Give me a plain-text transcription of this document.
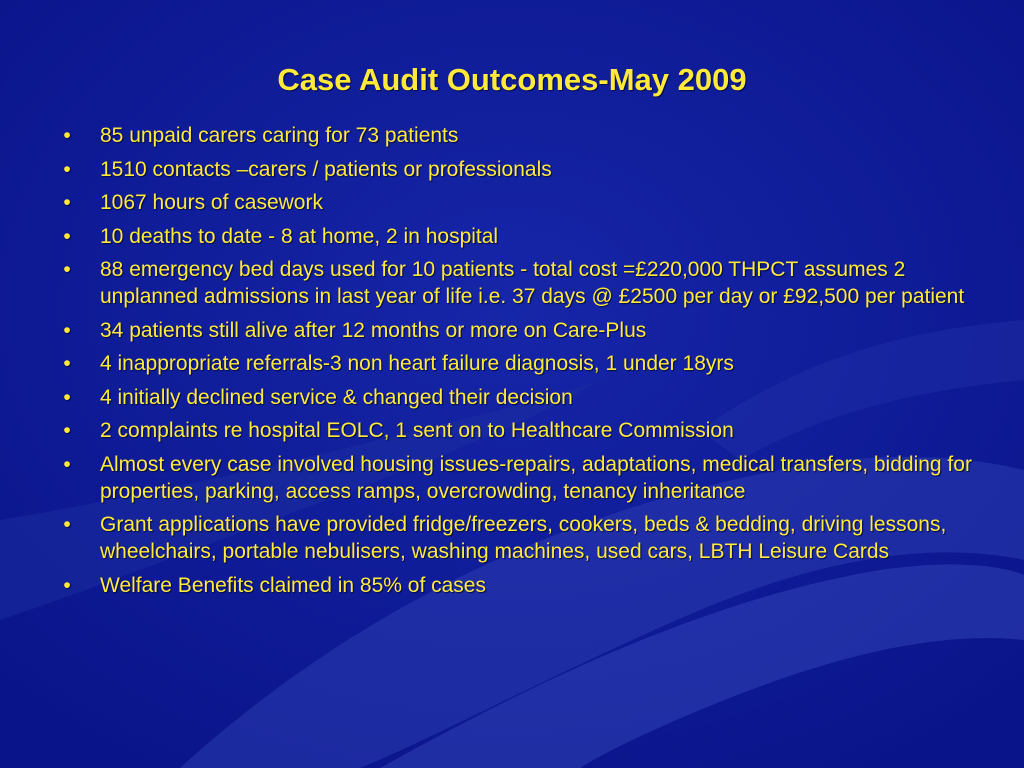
Case Audit Outcomes-May 2009
• 85 unpaid carers caring for 73 patients
• 1510 contacts –carers / patients or professionals
• 1067 hours of casework
• 10 deaths to date - 8 at home, 2 in hospital
• 88 emergency bed days used for 10 patients - total cost =£220,000 THPCT assumes 2 unplanned admissions in last year of life i.e. 37 days @ £2500 per day or £92,500 per patient
• 34 patients still alive after 12 months or more on Care-Plus
• 4 inappropriate referrals-3 non heart failure diagnosis, 1 under 18yrs
• 4 initially declined service & changed their decision
• 2 complaints re hospital EOLC, 1 sent on to Healthcare Commission
• Almost every case involved housing issues-repairs, adaptations, medical transfers, bidding for properties, parking, access ramps, overcrowding, tenancy inheritance
• Grant applications have provided fridge/freezers, cookers, beds & bedding, driving lessons, wheelchairs, portable nebulisers, washing machines, used cars, LBTH Leisure Cards
• Welfare Benefits claimed in 85% of cases
